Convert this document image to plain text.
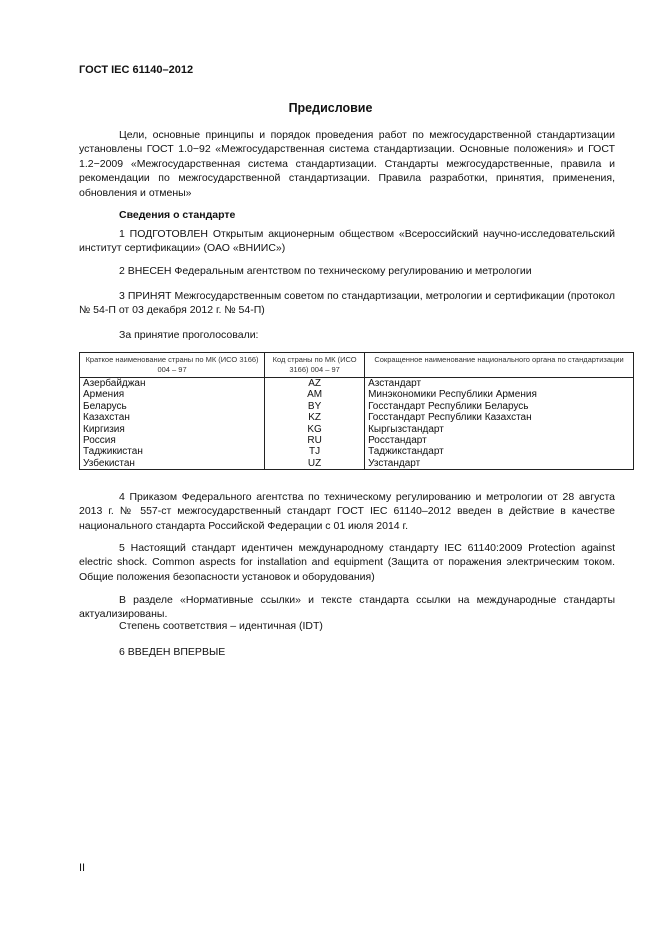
ГОСТ IEC 61140–2012
Предисловие

Цели, основные принципы и порядок проведения работ по межгосударственной стандартизации установлены ГОСТ 1.0−92 «Межгосударственная система стандартизации. Основные положения» и ГОСТ 1.2−2009 «Межгосударственная система стандартизации. Стандарты межгосударственные, правила и рекомендации по межгосударственной стандартизации. Правила разработки, принятия, применения, обновления и отмены»

Сведения о стандарте

1 ПОДГОТОВЛЕН Открытым акционерным обществом «Всероссийский научно-исследовательский институт сертификации» (ОАО «ВНИИС»)

2 ВНЕСЕН Федеральным агентством по техническому регулированию и метрологии

3 ПРИНЯТ Межгосударственным советом по стандартизации, метрологии и сертификации (протокол № 54-П от 03 декабря 2012 г. № 54-П)

За принятие проголосовали:

Краткое наименование страны по МК (ИСО 3166) 004 – 97	Код страны по МК (ИСО 3166) 004 – 97	Сокращенное наименование национального органа по стандартизации
Азербайджан	AZ	Азстандарт
Армения	AM	Минэкономики Республики Армения
Беларусь	BY	Госстандарт Республики Беларусь
Казахстан	KZ	Госстандарт Республики Казахстан
Киргизия	KG	Кыргызстандарт
Россия	RU	Росстандарт
Таджикистан	TJ	Таджикстандарт
Узбекистан	UZ	Узстандарт

4 Приказом Федерального агентства по техническому регулированию и метрологии от 28 августа 2013 г. № 557-ст межгосударственный стандарт ГОСТ IEC 61140–2012 введен в действие в качестве национального стандарта Российской Федерации с 01 июля 2014 г.

5 Настоящий стандарт идентичен международному стандарту IEC 61140:2009 Protection against electric shock. Common aspects for installation and equipment (Защита от поражения электрическим током. Общие положения безопасности установок и оборудования)

В разделе «Нормативные ссылки» и тексте стандарта ссылки на международные стандарты актуализированы.

Степень соответствия – идентичная (IDT)

6 ВВЕДЕН ВПЕРВЫЕ

II
